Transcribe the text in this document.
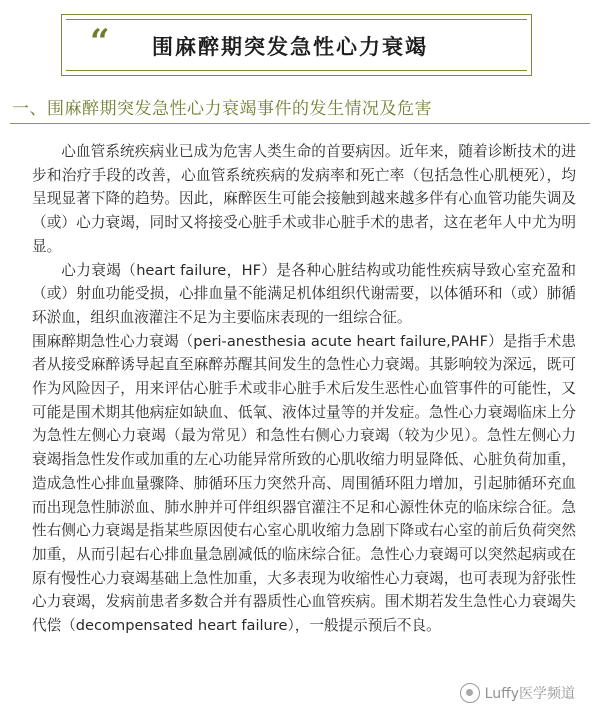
“ 围麻醉期突发急性心力衰竭
一、围麻醉期突发急性心力衰竭事件的发生情况及危害

心血管系统疾病业已成为危害人类生命的首要病因。近年来，随着诊断技术的进步和治疗手段的改善，心血管系统疾病的发病率和死亡率（包括急性心肌梗死），均呈现显著下降的趋势。因此，麻醉医生可能会接触到越来越多伴有心血管功能失调及（或）心力衰竭，同时又将接受心脏手术或非心脏手术的患者，这在老年人中尤为明显。

心力衰竭（heart failure，HF）是各种心脏结构或功能性疾病导致心室充盈和（或）射血功能受损，心排血量不能满足机体组织代谢需要，以体循环和（或）肺循环淤血，组织血液灌注不足为主要临床表现的一组综合征。

围麻醉期急性心力衰竭（peri-anesthesia acute heart failure,PAHF）是指手术患者从接受麻醉诱导起直至麻醉苏醒其间发生的急性心力衰竭。其影响较为深远，既可作为风险因子，用来评估心脏手术或非心脏手术后发生恶性心血管事件的可能性，又可能是围术期其他病症如缺血、低氧、液体过量等的并发症。急性心力衰竭临床上分为急性左侧心力衰竭（最为常见）和急性右侧心力衰竭（较为少见）。急性左侧心力衰竭指急性发作或加重的左心功能异常所致的心肌收缩力明显降低、心脏负荷加重，造成急性心排血量骤降、肺循环压力突然升高、周围循环阻力增加，引起肺循环充血而出现急性肺淤血、肺水肿并可伴组织器官灌注不足和心源性休克的临床综合征。急性右侧心力衰竭是指某些原因使右心室心肌收缩力急剧下降或右心室的前后负荷突然加重，从而引起右心排血量急剧减低的临床综合征。急性心力衰竭可以突然起病或在原有慢性心力衰竭基础上急性加重，大多表现为收缩性心力衰竭，也可表现为舒张性心力衰竭，发病前患者多数合并有器质性心血管疾病。围术期若发生急性心力衰竭失代偿（decompensated heart failure），一般提示预后不良。

Luffy医学频道
